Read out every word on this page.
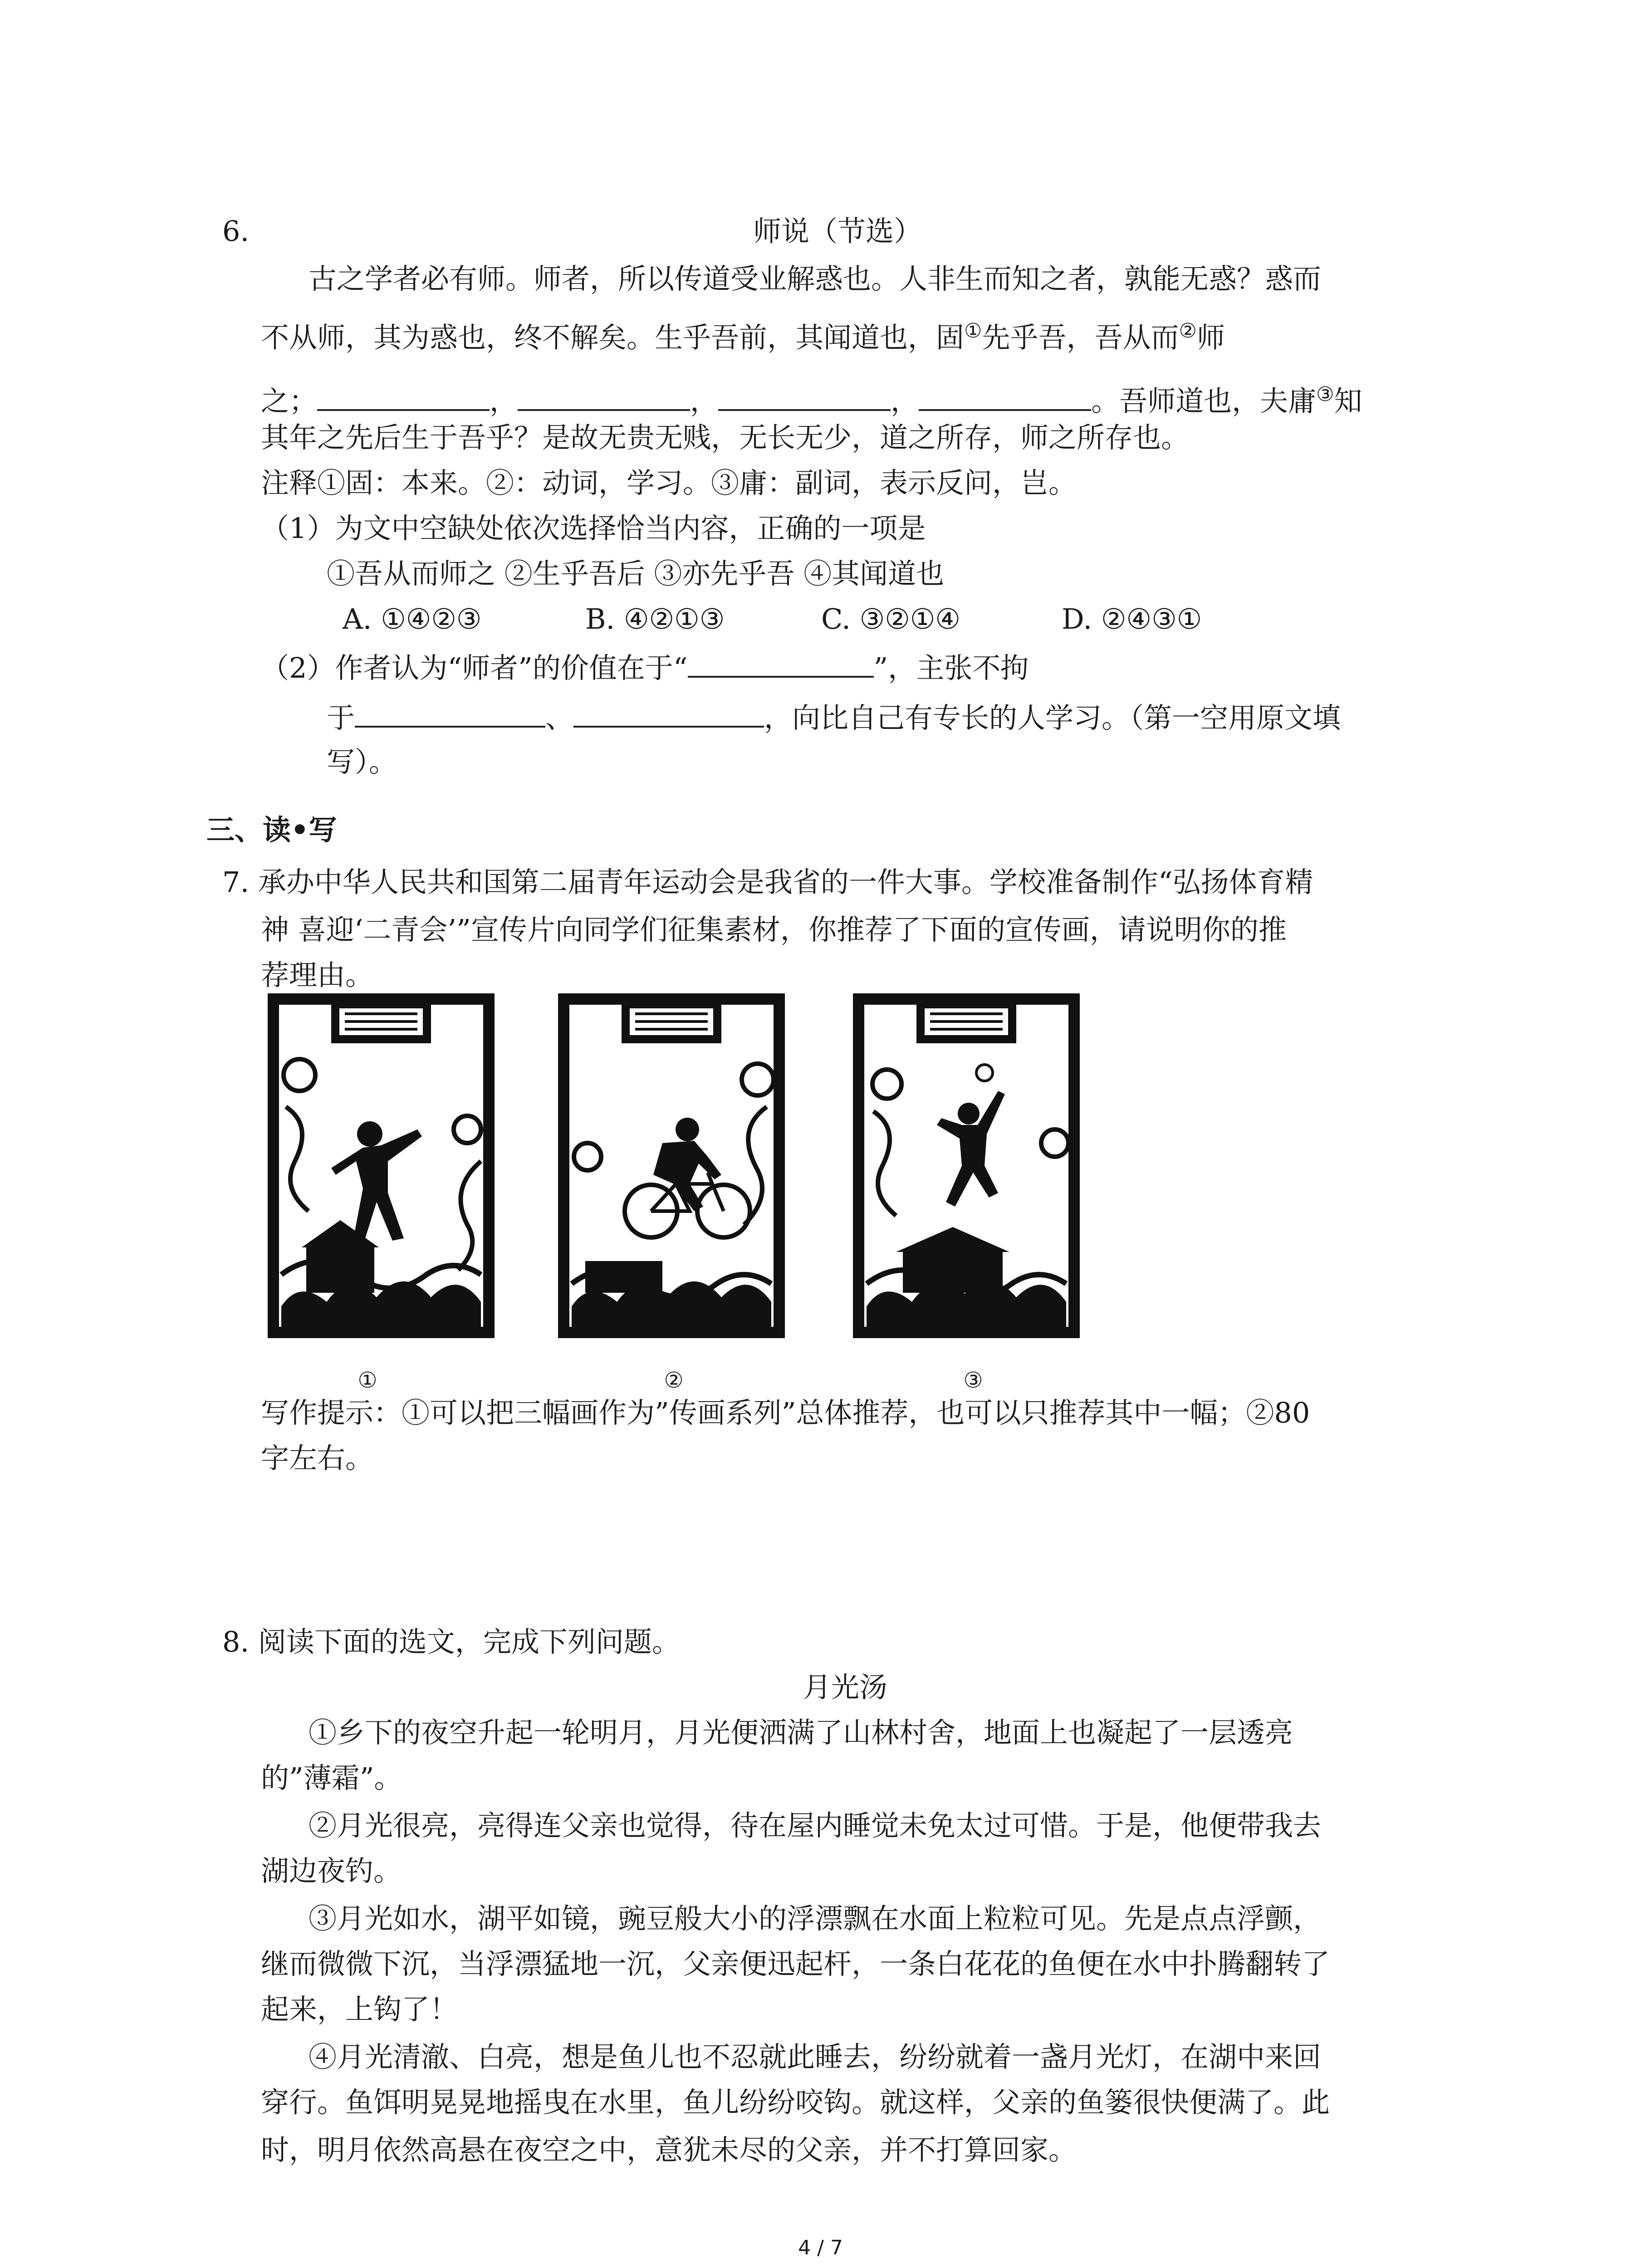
6.	师说（节选）
古之学者必有师。师者，所以传道受业解惑也。人非生而知之者，孰能无惑？惑而
不从师，其为惑也，终不解矣。生乎吾前，其闻道也，固①先乎吾，吾从而②师
之；	，	，	，	。吾师道也，夫庸③知
其年之先后生于吾乎？是故无贵无贱，无长无少，道之所存，师之所存也。
注释①固：本来。②：动词，学习。③庸：副词，表示反问，岂。
（1）为文中空缺处依次选择恰当内容，正确的一项是
①吾从而师之 ②生乎吾后 ③亦先乎吾 ④其闻道也
A. ①④②③	B. ④②①③	C. ③②①④	D. ②④③①
（2）作者认为“师者”的价值在于“	”，主张不拘
于	、	，向比自己有专长的人学习。（第一空用原文填
写）。
三、读•写
7. 承办中华人民共和国第二届青年运动会是我省的一件大事。学校准备制作“弘扬体育精
神 喜迎‘二青会’”宣传片向同学们征集素材，你推荐了下面的宣传画，请说明你的推
荐理由。
①	②	③
写作提示：①可以把三幅画作为”传画系列”总体推荐，也可以只推荐其中一幅；②80
字左右。
8. 阅读下面的选文，完成下列问题。
月光汤
①乡下的夜空升起一轮明月，月光便洒满了山林村舍，地面上也凝起了一层透亮
的”薄霜”。
②月光很亮，亮得连父亲也觉得，待在屋内睡觉未免太过可惜。于是，他便带我去
湖边夜钓。
③月光如水，湖平如镜，豌豆般大小的浮漂飘在水面上粒粒可见。先是点点浮颤，
继而微微下沉，当浮漂猛地一沉，父亲便迅起杆，一条白花花的鱼便在水中扑腾翻转了
起来，上钩了！
④月光清澈、白亮，想是鱼儿也不忍就此睡去，纷纷就着一盏月光灯，在湖中来回
穿行。鱼饵明晃晃地摇曳在水里，鱼儿纷纷咬钩。就这样，父亲的鱼篓很快便满了。此
时，明月依然高悬在夜空之中，意犹未尽的父亲，并不打算回家。
4 / 7
